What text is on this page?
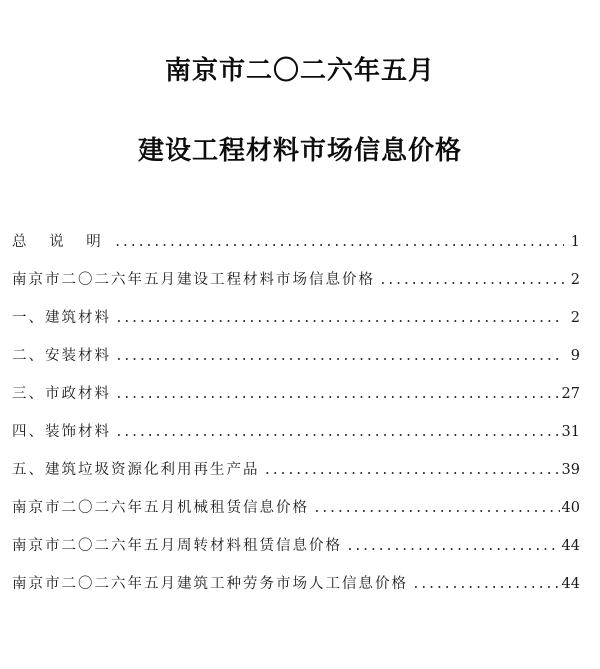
南京市二〇二六年五月
建设工程材料市场信息价格
总 说 明 .....	1
南京市二〇二六年五月建设工程材料市场信息价格 .....	2
一、建筑材料 .....	2
二、安装材料 .....	9
三、市政材料 .....	27
四、装饰材料 .....	31
五、建筑垃圾资源化利用再生产品 .....	39
南京市二〇二六年五月机械租赁信息价格 .....	40
南京市二〇二六年五月周转材料租赁信息价格 .....	44
南京市二〇二六年五月建筑工种劳务市场人工信息价格 .....	44
